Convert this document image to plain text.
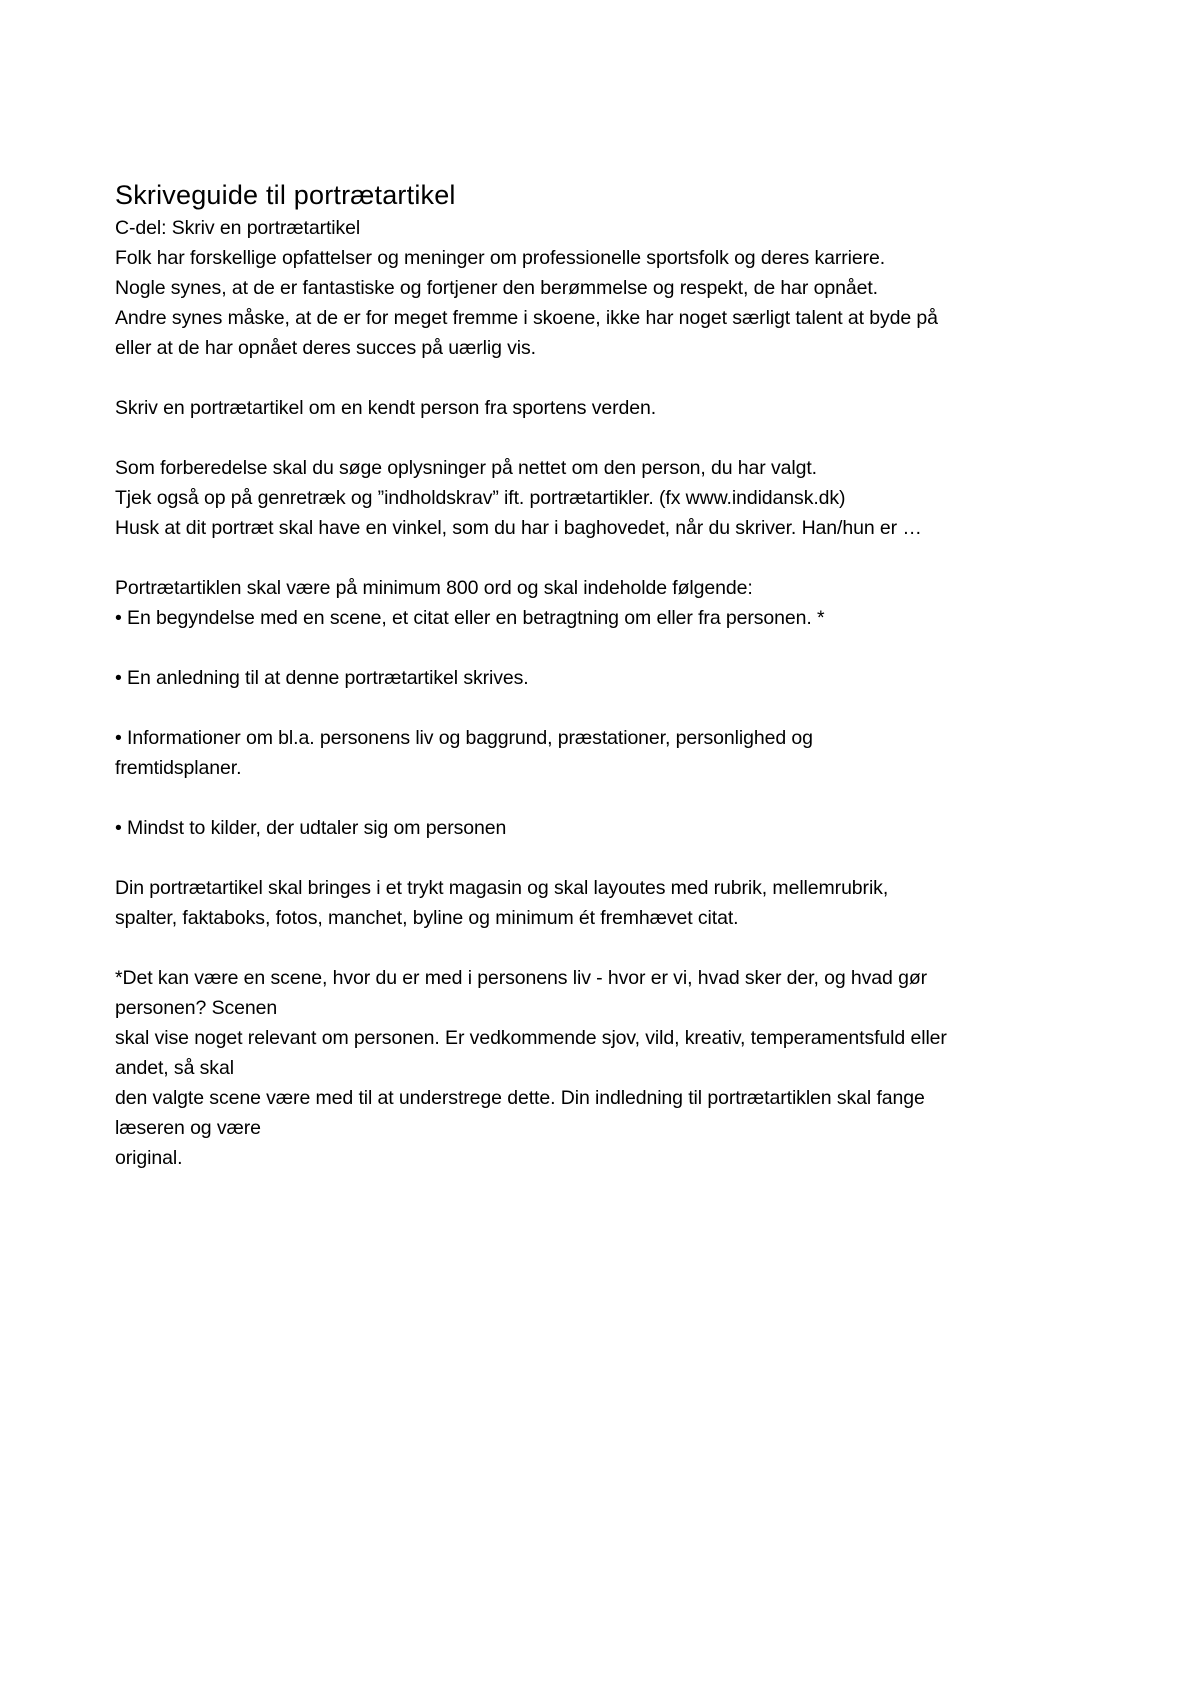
Skriveguide til portrætartikel
C-del: Skriv en portrætartikel
Folk har forskellige opfattelser og meninger om professionelle sportsfolk og deres karriere.
Nogle synes, at de er fantastiske og fortjener den berømmelse og respekt, de har opnået.
Andre synes måske, at de er for meget fremme i skoene, ikke har noget særligt talent at byde på
eller at de har opnået deres succes på uærlig vis.
Skriv en portrætartikel om en kendt person fra sportens verden.
Som forberedelse skal du søge oplysninger på nettet om den person, du har valgt.
Tjek også op på genretræk og ”indholdskrav” ift. portrætartikler. (fx www.indidansk.dk)
Husk at dit portræt skal have en vinkel, som du har i baghovedet, når du skriver. Han/hun er …
Portrætartiklen skal være på minimum 800 ord og skal indeholde følgende:
• En begyndelse med en scene, et citat eller en betragtning om eller fra personen. *
• En anledning til at denne portrætartikel skrives.
• Informationer om bl.a. personens liv og baggrund, præstationer, personlighed og
fremtidsplaner.
• Mindst to kilder, der udtaler sig om personen
Din portrætartikel skal bringes i et trykt magasin og skal layoutes med rubrik, mellemrubrik,
spalter, faktaboks, fotos, manchet, byline og minimum ét fremhævet citat.
*Det kan være en scene, hvor du er med i personens liv - hvor er vi, hvad sker der, og hvad gør
personen? Scenen
skal vise noget relevant om personen. Er vedkommende sjov, vild, kreativ, temperamentsfuld eller
andet, så skal
den valgte scene være med til at understrege dette. Din indledning til portrætartiklen skal fange
læseren og være
original.
